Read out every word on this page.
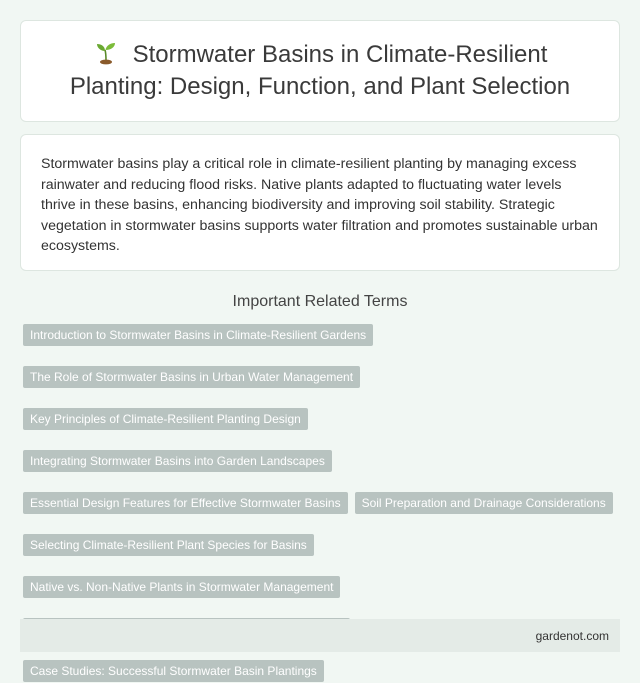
Stormwater Basins in Climate-Resilient Planting: Design, Function, and Plant Selection

Stormwater basins play a critical role in climate-resilient planting by managing excess rainwater and reducing flood risks. Native plants adapted to fluctuating water levels thrive in these basins, enhancing biodiversity and improving soil stability. Strategic vegetation in stormwater basins supports water filtration and promotes sustainable urban ecosystems.

Important Related Terms
Introduction to Stormwater Basins in Climate-Resilient Gardens
The Role of Stormwater Basins in Urban Water Management
Key Principles of Climate-Resilient Planting Design
Integrating Stormwater Basins into Garden Landscapes
Essential Design Features for Effective Stormwater Basins	Soil Preparation and Drainage Considerations
Selecting Climate-Resilient Plant Species for Basins
Native vs. Non-Native Plants in Stormwater Management
Case Studies: Successful Stormwater Basin Plantings
gardenot.com
